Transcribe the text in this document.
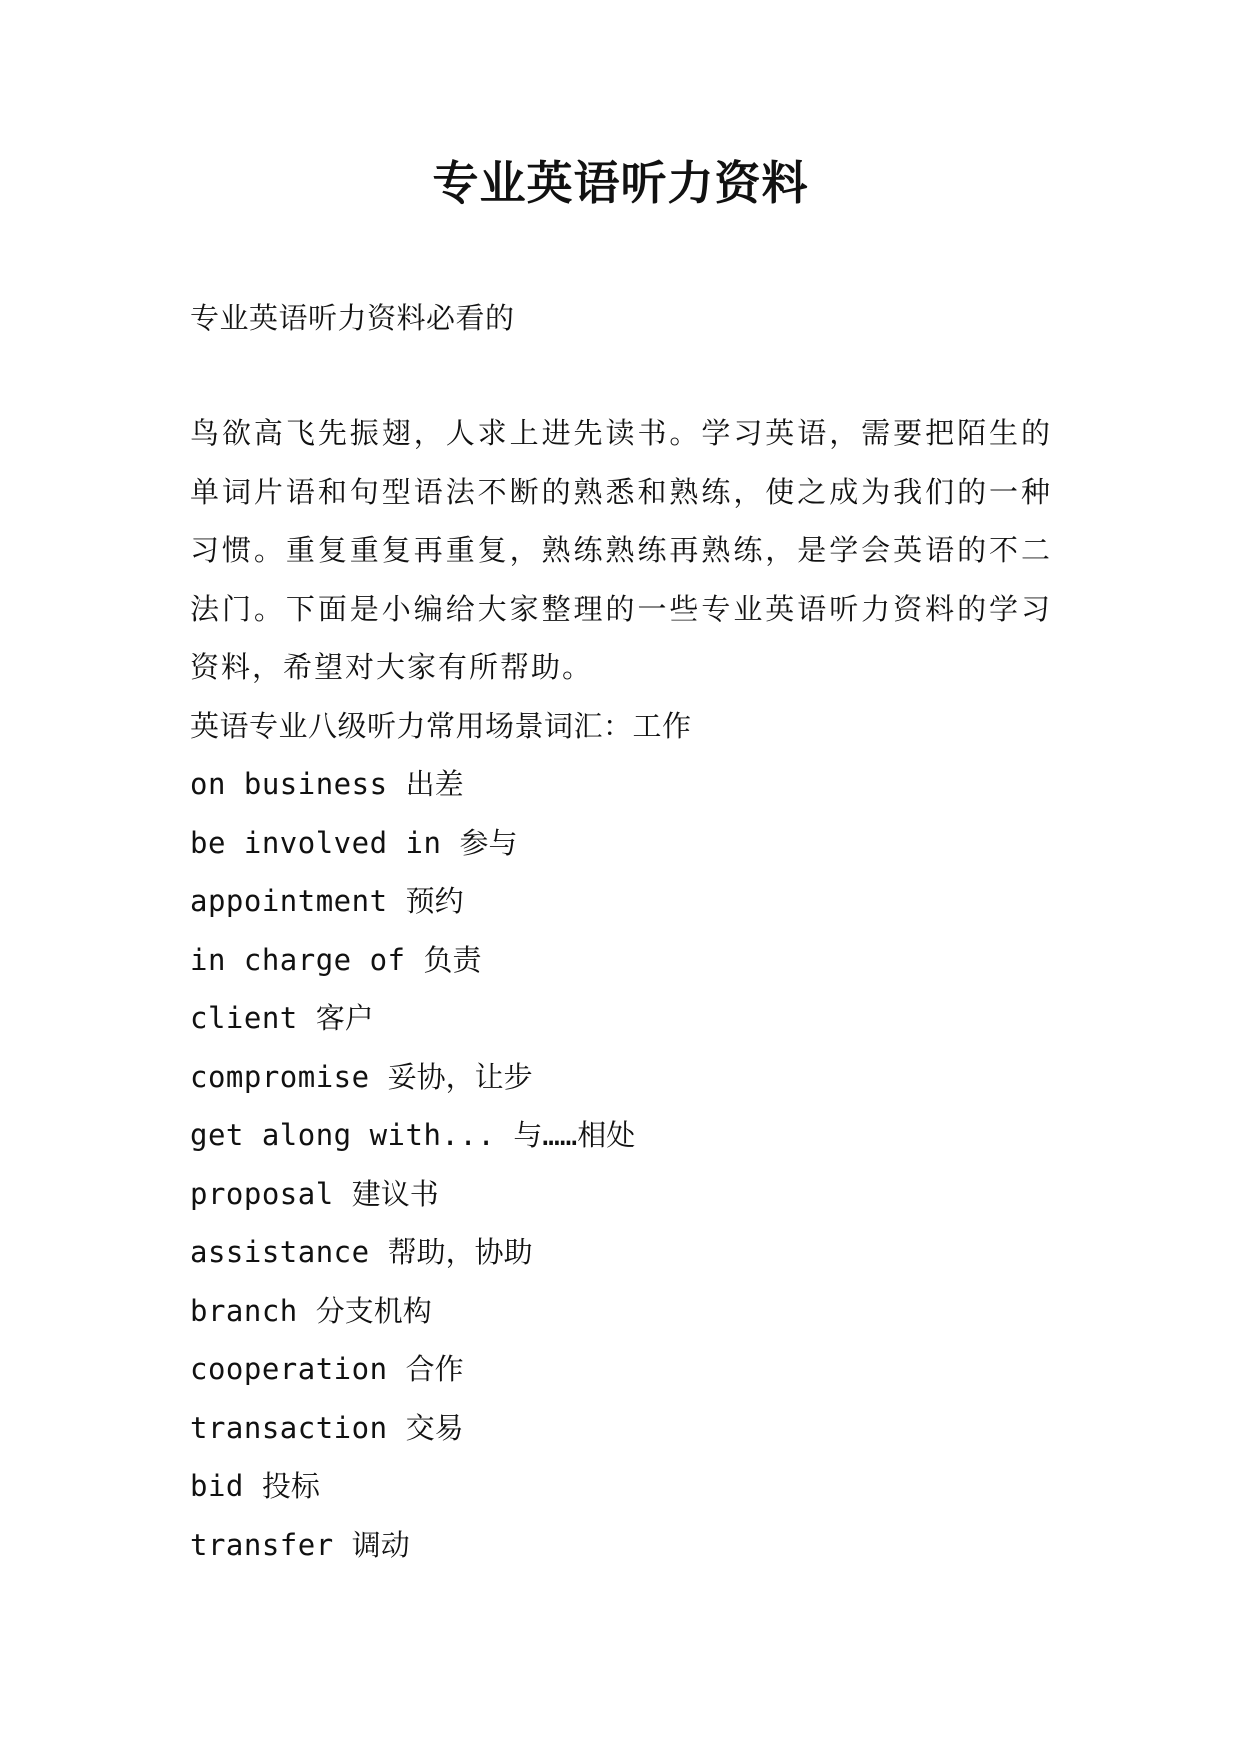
专业英语听力资料

专业英语听力资料必看的

鸟欲高飞先振翅，人求上进先读书。学习英语，需要把陌生的单词片语和句型语法不断的熟悉和熟练，使之成为我们的一种习惯。重复重复再重复，熟练熟练再熟练，是学会英语的不二法门。下面是小编给大家整理的一些专业英语听力资料的学习资料，希望对大家有所帮助。

英语专业八级听力常用场景词汇：工作

on business 出差
be involved in 参与
appointment 预约
in charge of 负责
client 客户
compromise 妥协，让步
get along with... 与……相处
proposal 建议书
assistance 帮助，协助
branch 分支机构
cooperation 合作
transaction 交易
bid 投标
transfer 调动
